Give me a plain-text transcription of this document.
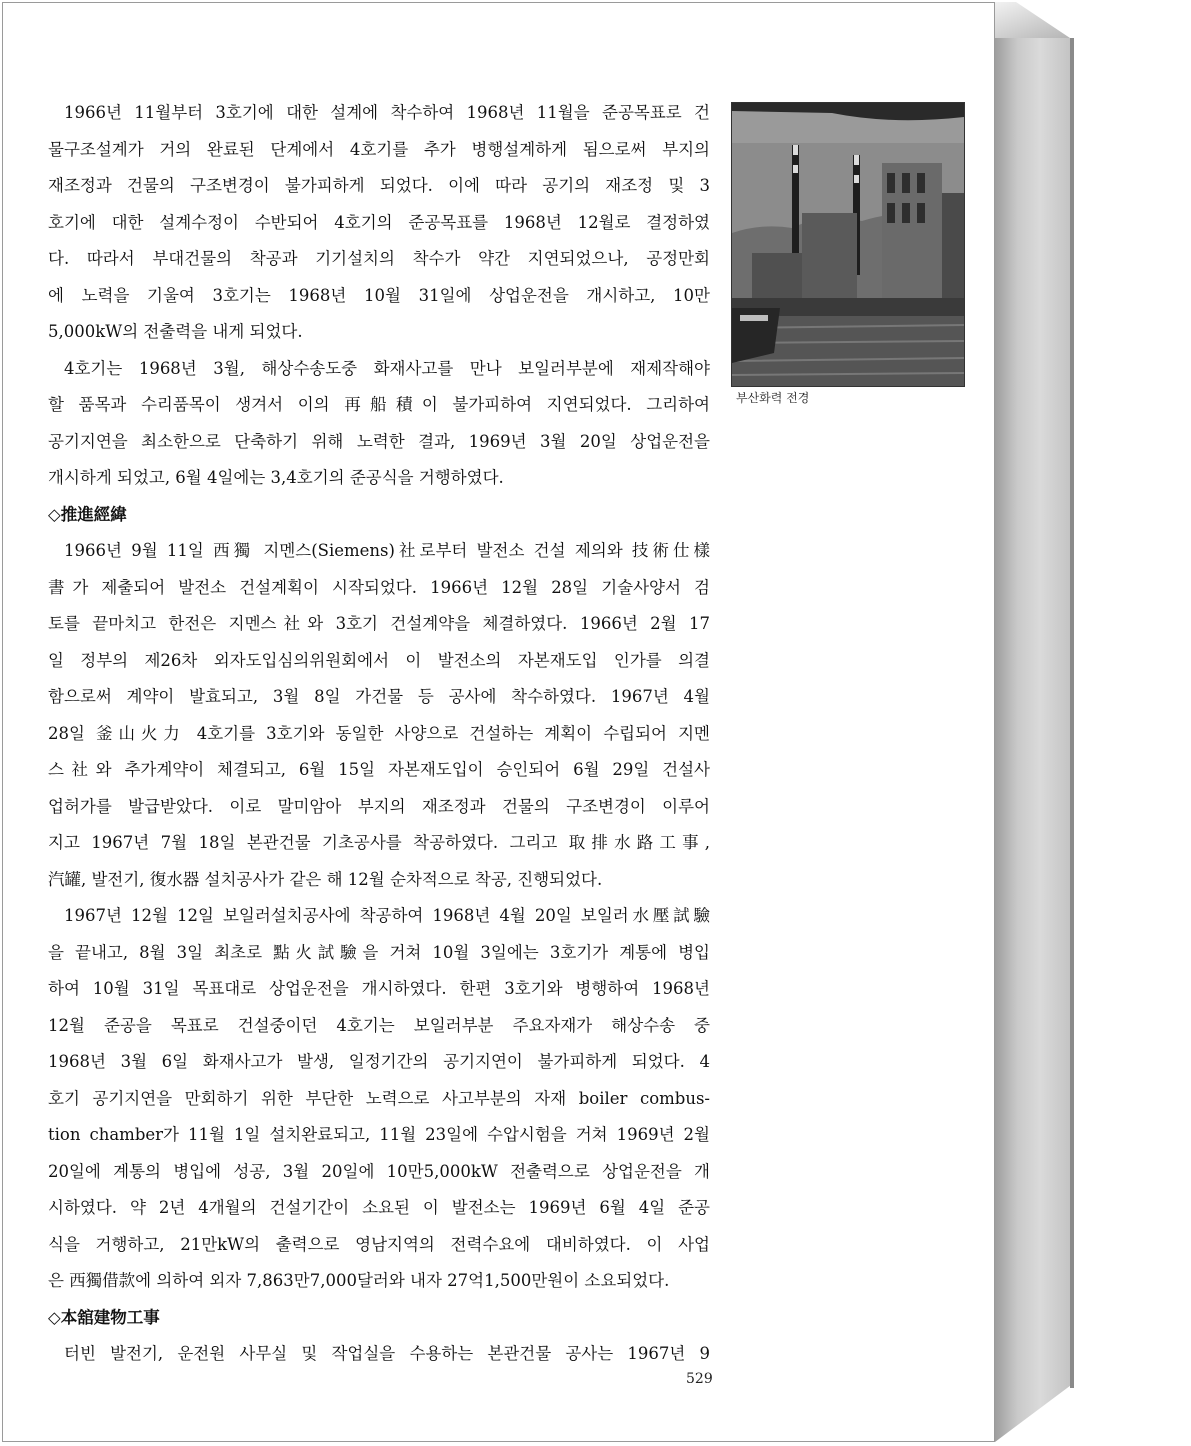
1966년 11월부터 3호기에 대한 설계에 착수하여 1968년 11월을 준공목표로 건
물구조설계가 거의 완료된 단계에서 4호기를 추가 병행설계하게 됨으로써 부지의
재조정과 건물의 구조변경이 불가피하게 되었다. 이에 따라 공기의 재조정 및 3
호기에 대한 설계수정이 수반되어 4호기의 준공목표를 1968년 12월로 결정하였
다. 따라서 부대건물의 착공과 기기설치의 착수가 약간 지연되었으나, 공정만회
에 노력을 기울여 3호기는 1968년 10월 31일에 상업운전을 개시하고, 10만
5,000kW의 전출력을 내게 되었다.
4호기는 1968년 3월, 해상수송도중 화재사고를 만나 보일러부분에 재제작해야
할 품목과 수리품목이 생겨서 이의 再船積이 불가피하여 지연되었다. 그리하여
공기지연을 최소한으로 단축하기 위해 노력한 결과, 1969년 3월 20일 상업운전을
개시하게 되었고, 6월 4일에는 3,4호기의 준공식을 거행하였다.
◇推進經緯
1966년 9월 11일 西獨 지멘스(Siemens)社로부터 발전소 건설 제의와 技術仕樣
書가 제출되어 발전소 건설계획이 시작되었다. 1966년 12월 28일 기술사양서 검
토를 끝마치고 한전은 지멘스社와 3호기 건설계약을 체결하였다. 1966년 2월 17
일 정부의 제26차 외자도입심의위원회에서 이 발전소의 자본재도입 인가를 의결
함으로써 계약이 발효되고, 3월 8일 가건물 등 공사에 착수하였다. 1967년 4월
28일 釜山火力 4호기를 3호기와 동일한 사양으로 건설하는 계획이 수립되어 지멘
스社와 추가계약이 체결되고, 6월 15일 자본재도입이 승인되어 6월 29일 건설사
업허가를 발급받았다. 이로 말미암아 부지의 재조정과 건물의 구조변경이 이루어
지고 1967년 7월 18일 본관건물 기초공사를 착공하였다. 그리고 取排水路工事,
汽罐, 발전기, 復水器 설치공사가 같은 해 12월 순차적으로 착공, 진행되었다.
1967년 12월 12일 보일러설치공사에 착공하여 1968년 4월 20일 보일러水壓試驗
을 끝내고, 8월 3일 최초로 點火試驗을 거쳐 10월 3일에는 3호기가 계통에 병입
하여 10월 31일 목표대로 상업운전을 개시하였다. 한편 3호기와 병행하여 1968년
12월 준공을 목표로 건설중이던 4호기는 보일러부분 주요자재가 해상수송 중
1968년 3월 6일 화재사고가 발생, 일정기간의 공기지연이 불가피하게 되었다. 4
호기 공기지연을 만회하기 위한 부단한 노력으로 사고부분의 자재 boiler combus-
tion chamber가 11월 1일 설치완료되고, 11월 23일에 수압시험을 거쳐 1969년 2월
20일에 계통의 병입에 성공, 3월 20일에 10만5,000kW 전출력으로 상업운전을 개
시하였다. 약 2년 4개월의 건설기간이 소요된 이 발전소는 1969년 6월 4일 준공
식을 거행하고, 21만kW의 출력으로 영남지역의 전력수요에 대비하였다. 이 사업
은 西獨借款에 의하여 외자 7,863만7,000달러와 내자 27억1,500만원이 소요되었다.
◇本舘建物工事
터빈 발전기, 운전원 사무실 및 작업실을 수용하는 본관건물 공사는 1967년 9
부산화력 전경
529
